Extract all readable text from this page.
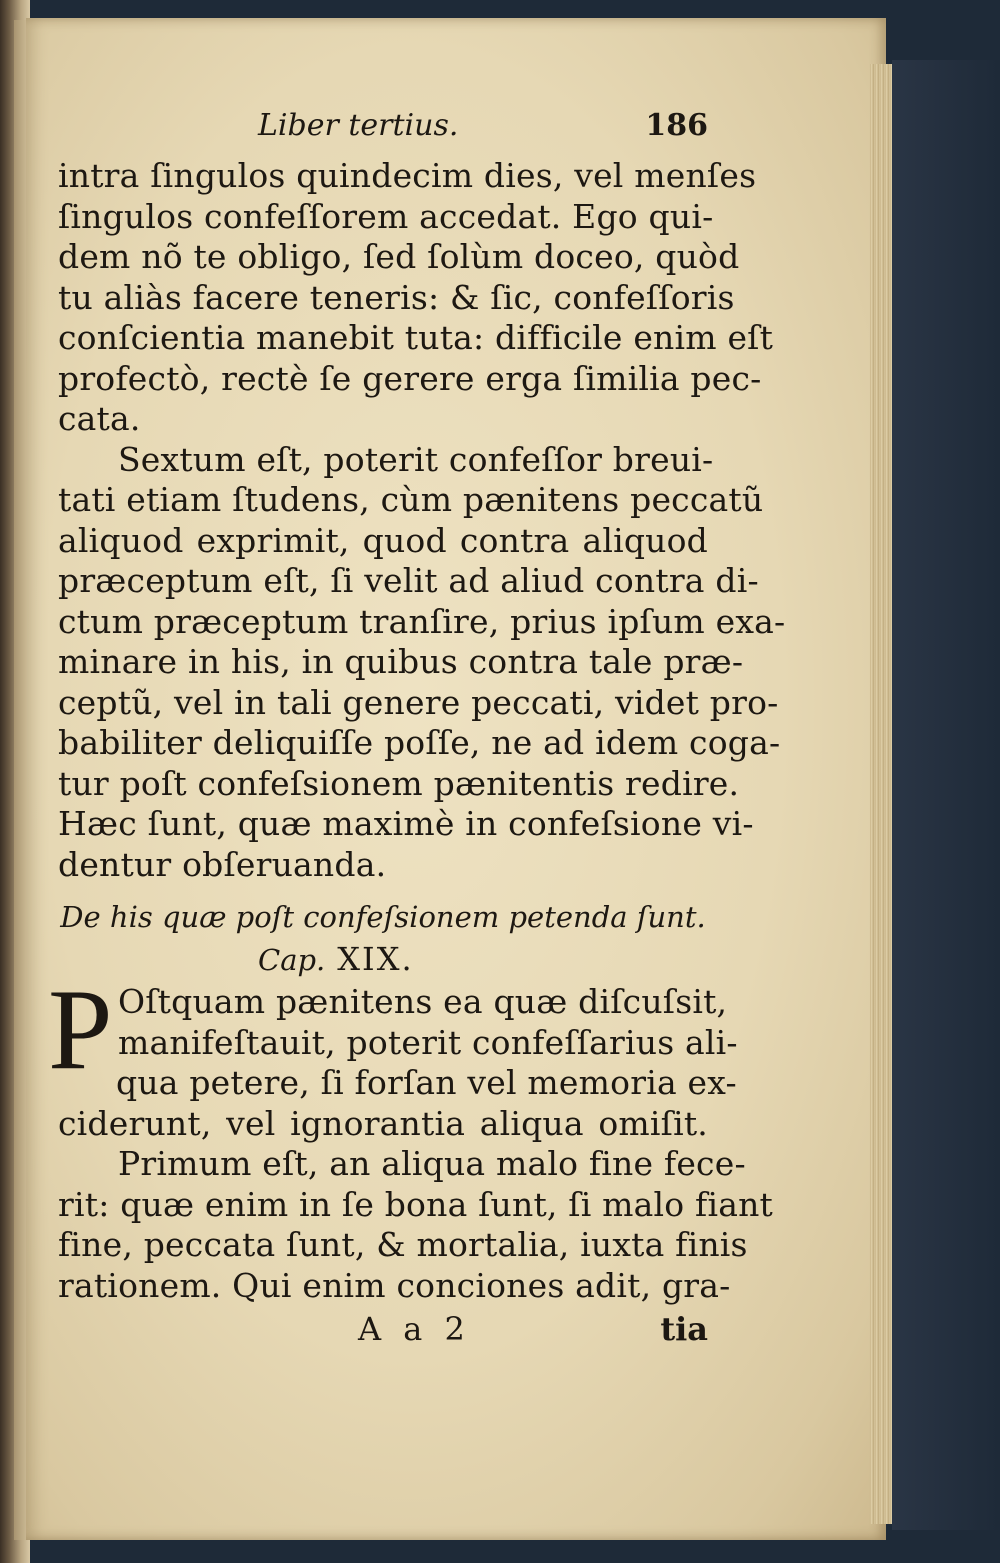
Liber tertius.	186
intra ſingulos quindecim dies, vel menſes
ſingulos confeſſorem accedat. Ego qui-
dem nõ te obligo, ſed ſolùm doceo, quòd
tu aliàs facere teneris: & ſic, confeſſoris
conſcientia manebit tuta: difficile enim eſt
profectò, rectè ſe gerere erga ſimilia pec-
cata.
Sextum eſt, poterit confeſſor breui-
tati etiam ſtudens, cùm pænitens peccatũ
aliquod exprimit, quod contra aliquod
præceptum eſt, ſi velit ad aliud contra di-
ctum præceptum tranſire, prius ipſum exa-
minare in his, in quibus contra tale præ-
ceptũ, vel in tali genere peccati, videt pro-
babiliter deliquiſſe poſſe, ne ad idem coga-
tur poſt confeſsionem pænitentis redire.
Hæc ſunt, quæ maximè in confeſsione vi-
dentur obſeruanda.
De his quæ poſt confeſsionem petenda ſunt.
Cap. XIX.
P Oſtquam pænitens ea quæ diſcuſsit,
manifeſtauit, poterit confeſſarius ali-
qua petere, ſi forſan vel memoria ex-
ciderunt, vel ignorantia aliqua omiſit.
Primum eſt, an aliqua malo fine fece-
rit: quæ enim in ſe bona ſunt, ſi malo fiant
fine, peccata ſunt, & mortalia, iuxta finis
rationem. Qui enim conciones adit, gra-
A a 2	tia
